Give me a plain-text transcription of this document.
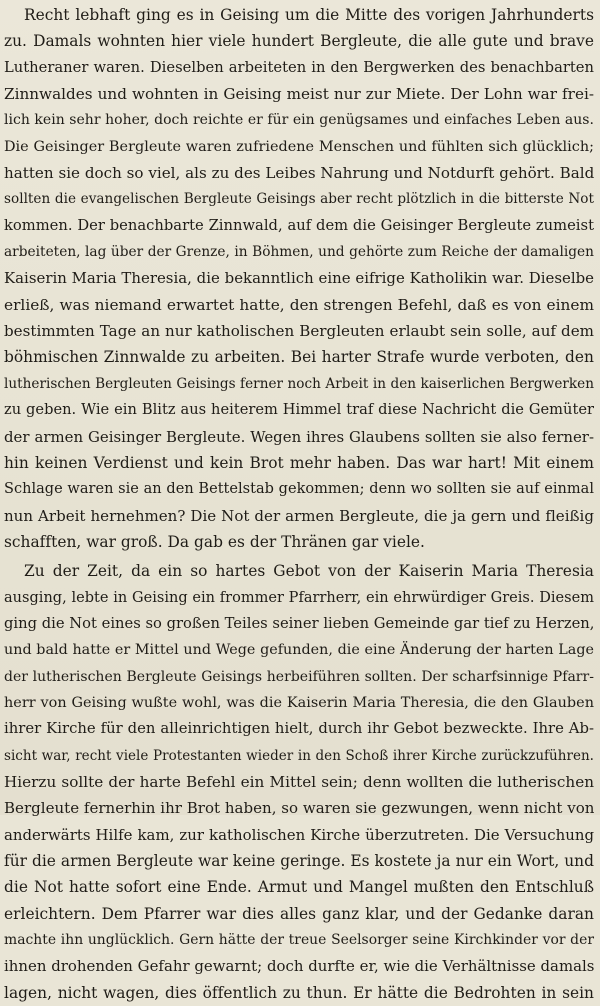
Recht lebhaft ging es in Geising um die Mitte des vorigen Jahrhunderts
zu. Damals wohnten hier viele hundert Bergleute, die alle gute und brave
Lutheraner waren. Dieselben arbeiteten in den Bergwerken des benachbarten
Zinnwaldes und wohnten in Geising meist nur zur Miete. Der Lohn war frei-
lich kein sehr hoher, doch reichte er für ein genügsames und einfaches Leben aus.
Die Geisinger Bergleute waren zufriedene Menschen und fühlten sich glücklich;
hatten sie doch so viel, als zu des Leibes Nahrung und Notdurft gehört. Bald
sollten die evangelischen Bergleute Geisings aber recht plötzlich in die bitterste Not
kommen. Der benachbarte Zinnwald, auf dem die Geisinger Bergleute zumeist
arbeiteten, lag über der Grenze, in Böhmen, und gehörte zum Reiche der damaligen
Kaiserin Maria Theresia, die bekanntlich eine eifrige Katholikin war. Dieselbe
erließ, was niemand erwartet hatte, den strengen Befehl, daß es von einem
bestimmten Tage an nur katholischen Bergleuten erlaubt sein solle, auf dem
böhmischen Zinnwalde zu arbeiten. Bei harter Strafe wurde verboten, den
lutherischen Bergleuten Geisings ferner noch Arbeit in den kaiserlichen Bergwerken
zu geben. Wie ein Blitz aus heiterem Himmel traf diese Nachricht die Gemüter
der armen Geisinger Bergleute. Wegen ihres Glaubens sollten sie also ferner-
hin keinen Verdienst und kein Brot mehr haben. Das war hart! Mit einem
Schlage waren sie an den Bettelstab gekommen; denn wo sollten sie auf einmal
nun Arbeit hernehmen? Die Not der armen Bergleute, die ja gern und fleißig
schafften, war groß. Da gab es der Thränen gar viele.
Zu der Zeit, da ein so hartes Gebot von der Kaiserin Maria Theresia
ausging, lebte in Geising ein frommer Pfarrherr, ein ehrwürdiger Greis. Diesem
ging die Not eines so großen Teiles seiner lieben Gemeinde gar tief zu Herzen,
und bald hatte er Mittel und Wege gefunden, die eine Änderung der harten Lage
der lutherischen Bergleute Geisings herbeiführen sollten. Der scharfsinnige Pfarr-
herr von Geising wußte wohl, was die Kaiserin Maria Theresia, die den Glauben
ihrer Kirche für den alleinrichtigen hielt, durch ihr Gebot bezweckte. Ihre Ab-
sicht war, recht viele Protestanten wieder in den Schoß ihrer Kirche zurückzuführen.
Hierzu sollte der harte Befehl ein Mittel sein; denn wollten die lutherischen
Bergleute fernerhin ihr Brot haben, so waren sie gezwungen, wenn nicht von
anderwärts Hilfe kam, zur katholischen Kirche überzutreten. Die Versuchung
für die armen Bergleute war keine geringe. Es kostete ja nur ein Wort, und
die Not hatte sofort eine Ende. Armut und Mangel mußten den Entschluß
erleichtern. Dem Pfarrer war dies alles ganz klar, und der Gedanke daran
machte ihn unglücklich. Gern hätte der treue Seelsorger seine Kirchkinder vor der
ihnen drohenden Gefahr gewarnt; doch durfte er, wie die Verhältnisse damals
lagen, nicht wagen, dies öffentlich zu thun. Er hätte die Bedrohten in sein
